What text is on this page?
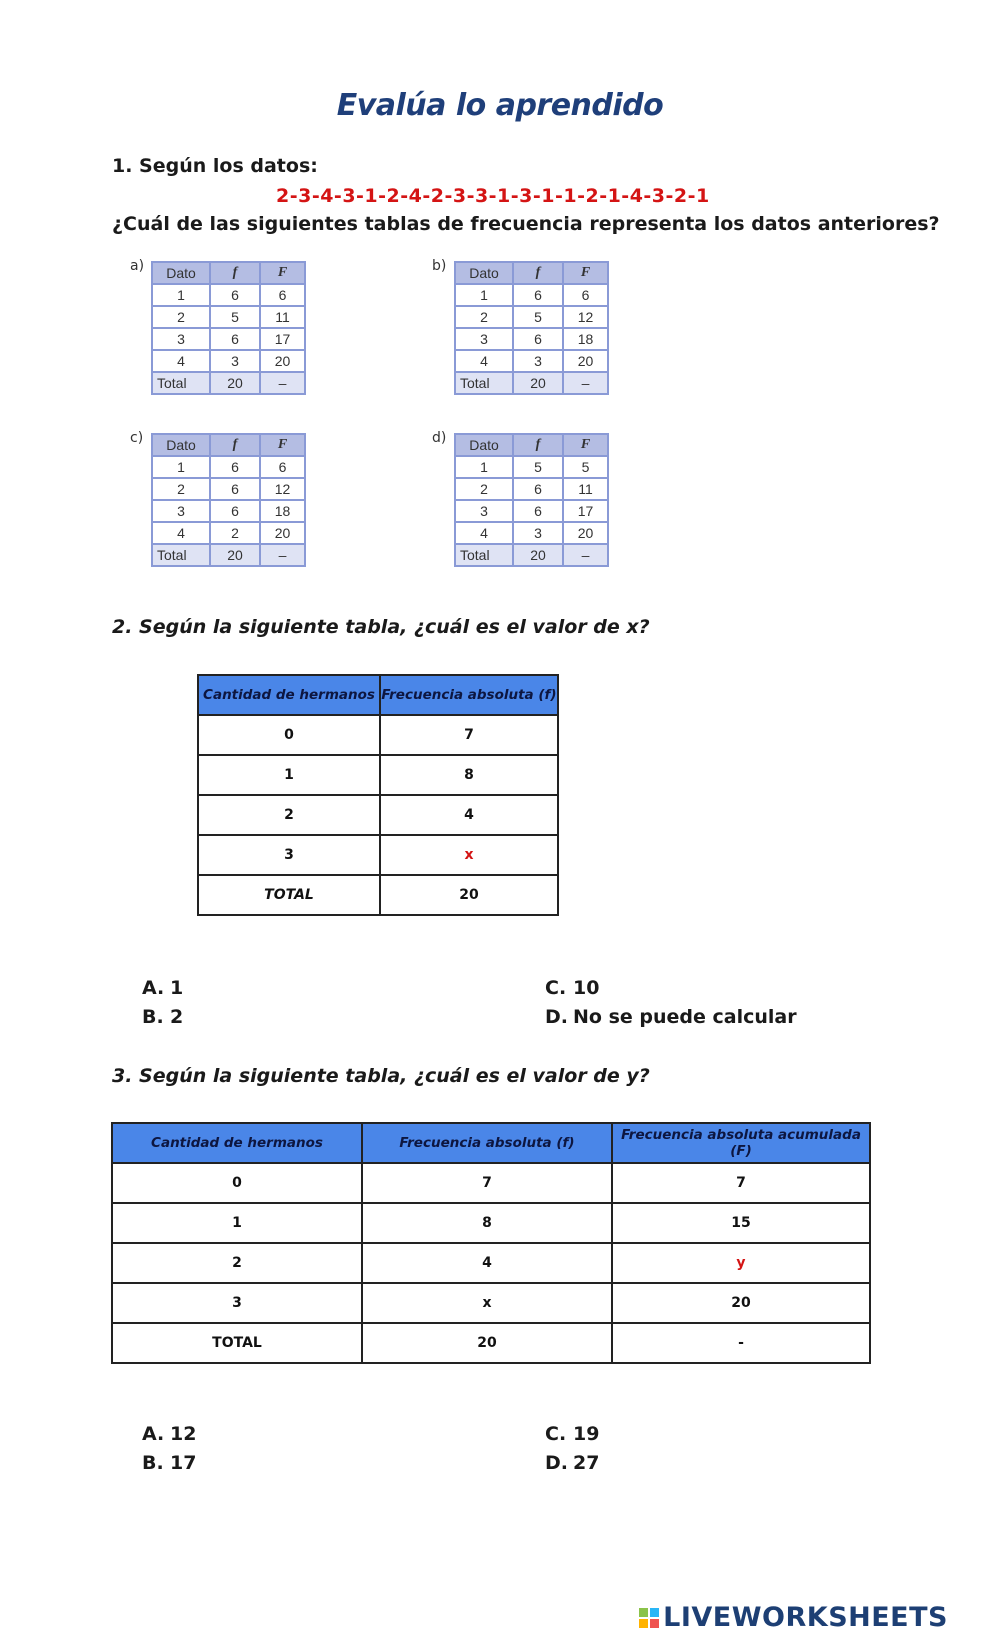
Evalúa lo aprendido
1. Según los datos:
2-3-4-3-1-2-4-2-3-3-1-3-1-1-2-1-4-3-2-1
¿Cuál de las siguientes tablas de frecuencia representa los datos anteriores?
a) Dato	f	F
1	6	6
2	5	11
3	6	17
4	3	20
Total	20	–
b) Dato	f	F
1	6	6
2	5	12
3	6	18
4	3	20
Total	20	–
c) Dato	f	F
1	6	6
2	6	12
3	6	18
4	2	20
Total	20	–
d) Dato	f	F
1	5	5
2	6	11
3	6	17
4	3	20
Total	20	–
2. Según la siguiente tabla, ¿cuál es el valor de x?
Cantidad de hermanos	Frecuencia absoluta (f)
0	7
1	8
2	4
3	x
TOTAL	20
A. 1
B. 2
C. 10
D. No se puede calcular
3. Según la siguiente tabla, ¿cuál es el valor de y?
Cantidad de hermanos	Frecuencia absoluta (f)	Frecuencia absoluta acumulada (F)
0	7	7
1	8	15
2	4	y
3	x	20
TOTAL	20	-
A. 12
B. 17
C. 19
D. 27
LIVEWORKSHEETS
